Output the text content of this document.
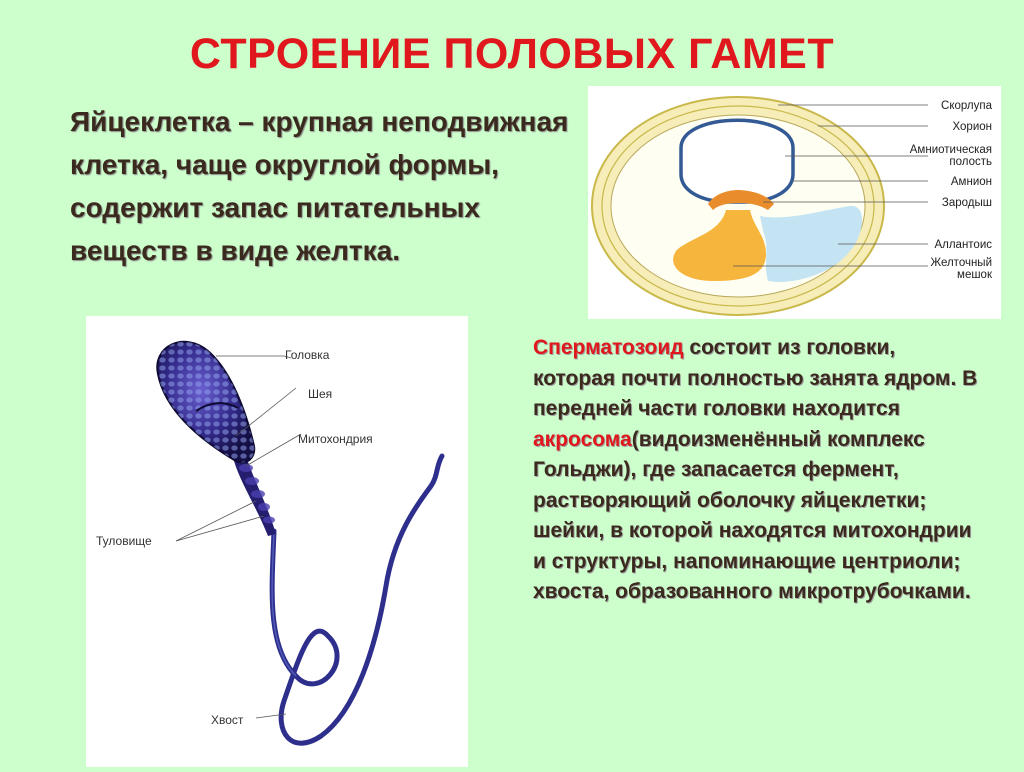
СТРОЕНИЕ ПОЛОВЫХ ГАМЕТ
Яйцеклетка – крупная неподвижная клетка, чаще округлой формы, содержит запас питательных веществ в виде желтка.
Скорлупа
Хорион
Амниотическая
полость
Амнион
Зародыш
Аллантоис
Желточный
мешок
Головка
Шея
Митохондрия
Туловище
Хвост
Сперматозоид состоит из головки, которая почти полностью занята ядром. В передней части головки находится акросома(видоизменённый комплекс Гольджи), где запасается фермент, растворяющий оболочку яйцеклетки; шейки, в которой находятся митохондрии и структуры, напоминающие центриоли; хвоста, образованного микротрубочками.
